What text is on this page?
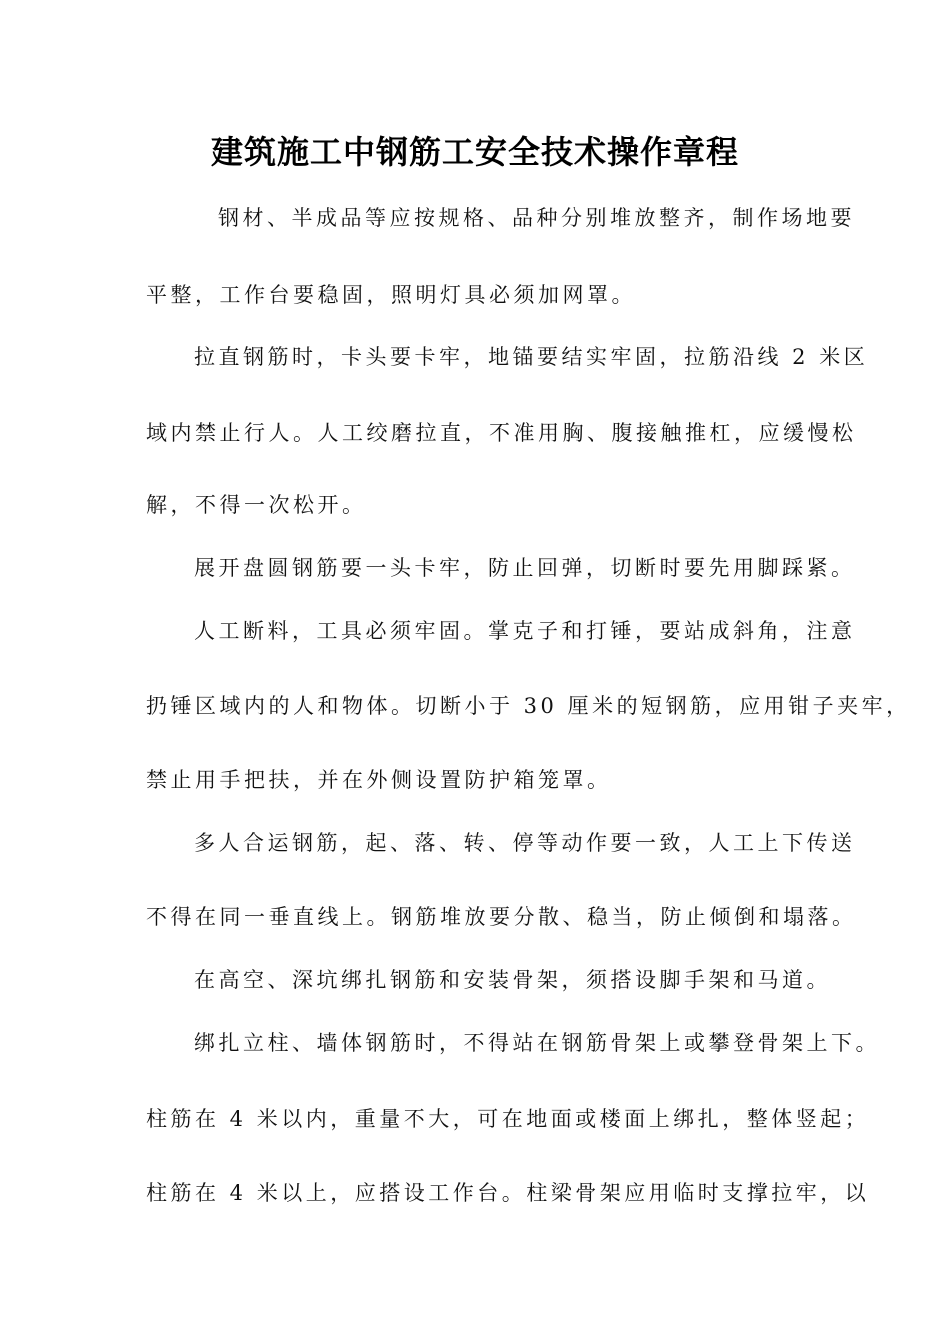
建筑施工中钢筋工安全技术操作章程
钢材、半成品等应按规格、品种分别堆放整齐，制作场地要
平整，工作台要稳固，照明灯具必须加网罩。
拉直钢筋时，卡头要卡牢，地锚要结实牢固，拉筋沿线 2 米区
域内禁止行人。人工绞磨拉直，不准用胸、腹接触推杠，应缓慢松
解，不得一次松开。
展开盘圆钢筋要一头卡牢，防止回弹，切断时要先用脚踩紧。
人工断料，工具必须牢固。掌克子和打锤，要站成斜角，注意
扔锤区域内的人和物体。切断小于 30 厘米的短钢筋，应用钳子夹牢，
禁止用手把扶，并在外侧设置防护箱笼罩。
多人合运钢筋，起、落、转、停等动作要一致，人工上下传送
不得在同一垂直线上。钢筋堆放要分散、稳当，防止倾倒和塌落。
在高空、深坑绑扎钢筋和安装骨架，须搭设脚手架和马道。
绑扎立柱、墙体钢筋时，不得站在钢筋骨架上或攀登骨架上下。
柱筋在 4 米以内，重量不大，可在地面或楼面上绑扎，整体竖起；
柱筋在 4 米以上，应搭设工作台。柱梁骨架应用临时支撑拉牢，以
